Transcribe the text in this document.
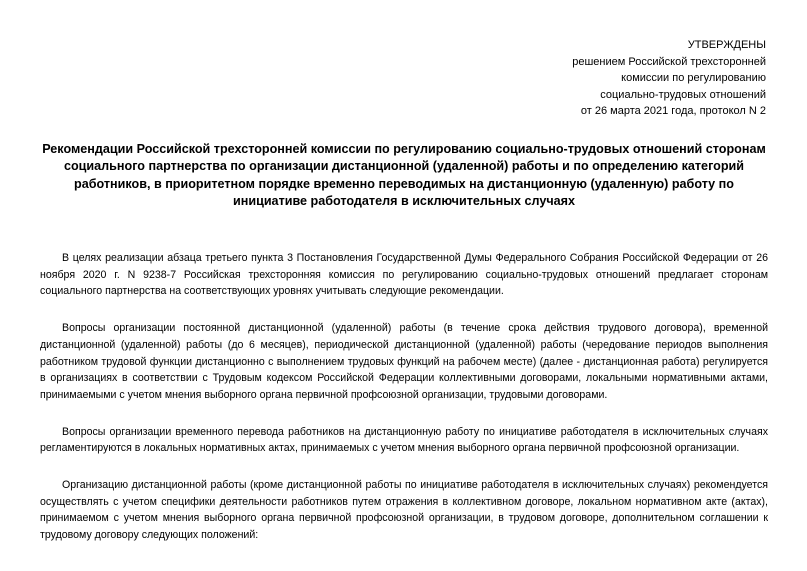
УТВЕРЖДЕНЫ
решением Российской трехсторонней
комиссии по регулированию
социально-трудовых отношений
от 26 марта 2021 года, протокол N 2
Рекомендации Российской трехсторонней комиссии по регулированию социально-трудовых отношений сторонам социального партнерства по организации дистанционной (удаленной) работы и по определению категорий работников, в приоритетном порядке временно переводимых на дистанционную (удаленную) работу по инициативе работодателя в исключительных случаях

В целях реализации абзаца третьего пункта 3 Постановления Государственной Думы Федерального Собрания Российской Федерации от 26 ноября 2020 г. N 9238-7 Российская трехсторонняя комиссия по регулированию социально-трудовых отношений предлагает сторонам социального партнерства на соответствующих уровнях учитывать следующие рекомендации.

Вопросы организации постоянной дистанционной (удаленной) работы (в течение срока действия трудового договора), временной дистанционной (удаленной) работы (до 6 месяцев), периодической дистанционной (удаленной) работы (чередование периодов выполнения работником трудовой функции дистанционно с выполнением трудовых функций на рабочем месте) (далее - дистанционная работа) регулируется в организациях в соответствии с Трудовым кодексом Российской Федерации коллективными договорами, локальными нормативными актами, принимаемыми с учетом мнения выборного органа первичной профсоюзной организации, трудовыми договорами.

Вопросы организации временного перевода работников на дистанционную работу по инициативе работодателя в исключительных случаях регламентируются в локальных нормативных актах, принимаемых с учетом мнения выборного органа первичной профсоюзной организации.

Организацию дистанционной работы (кроме дистанционной работы по инициативе работодателя в исключительных случаях) рекомендуется осуществлять с учетом специфики деятельности работников путем отражения в коллективном договоре, локальном нормативном акте (актах), принимаемом с учетом мнения выборного органа первичной профсоюзной организации, в трудовом договоре, дополнительном соглашении к трудовому договору следующих положений:
